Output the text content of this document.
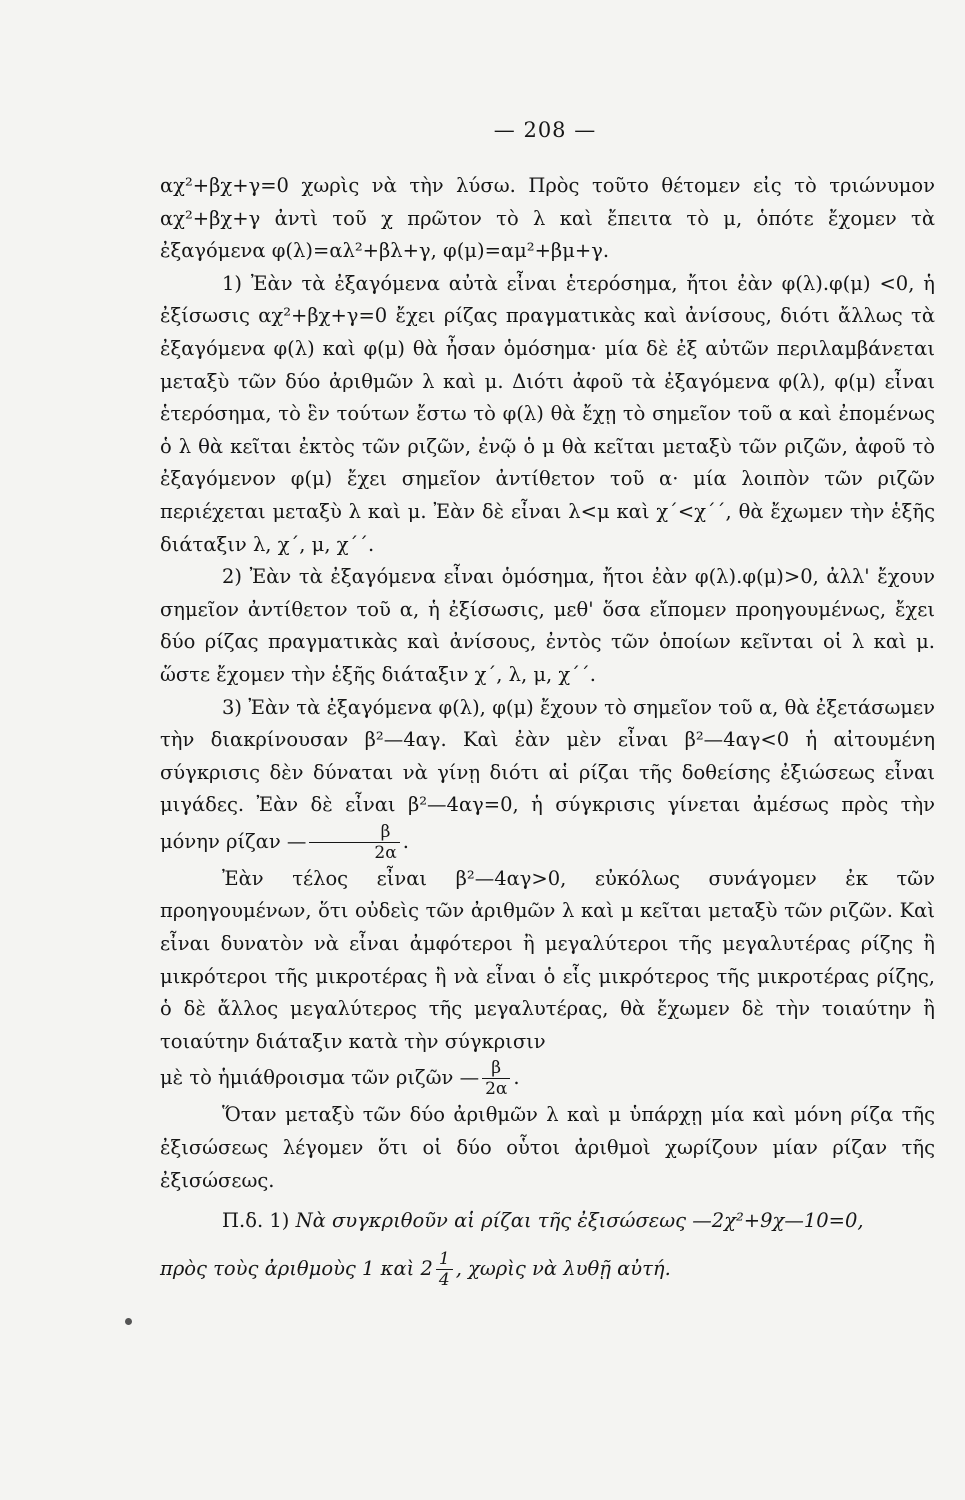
— 208 —

αχ²+βχ+γ=0 χωρὶς νὰ τὴν λύσω. Πρὸς τοῦτο θέτομεν εἰς τὸ τριώνυμον αχ²+βχ+γ ἀντὶ τοῦ χ πρῶτον τὸ λ καὶ ἔπειτα τὸ μ, ὁπότε ἔχομεν τὰ ἐξαγόμενα φ(λ)=αλ²+βλ+γ, φ(μ)=αμ²+βμ+γ.

1) Ἐὰν τὰ ἐξαγόμενα αὐτὰ εἶναι ἑτερόσημα, ἤτοι ἐὰν φ(λ).φ(μ) <0, ἡ ἐξίσωσις αχ²+βχ+γ=0 ἔχει ρίζας πραγματικὰς καὶ ἀνίσους, διότι ἄλλως τὰ ἐξαγόμενα φ(λ) καὶ φ(μ) θὰ ἦσαν ὁμόσημα· μία δὲ ἐξ αὐτῶν περιλαμβάνεται μεταξὺ τῶν δύο ἀριθμῶν λ καὶ μ. Διότι ἀφοῦ τὰ ἐξαγόμενα φ(λ), φ(μ) εἶναι ἑτερόσημα, τὸ ἓν τούτων ἔστω τὸ φ(λ) θὰ ἔχῃ τὸ σημεῖον τοῦ α καὶ ἐπομένως ὁ λ θὰ κεῖται ἐκτὸς τῶν ριζῶν, ἐνῷ ὁ μ θὰ κεῖται μεταξὺ τῶν ριζῶν, ἀφοῦ τὸ ἐξαγόμενον φ(μ) ἔχει σημεῖον ἀντίθετον τοῦ α· μία λοιπὸν τῶν ριζῶν περιέχεται μεταξὺ λ καὶ μ. Ἐὰν δὲ εἶναι λ<μ καὶ χ΄<χ΄΄, θὰ ἔχωμεν τὴν ἑξῆς διάταξιν λ, χ΄, μ, χ΄΄.

2) Ἐὰν τὰ ἐξαγόμενα εἶναι ὁμόσημα, ἤτοι ἐὰν φ(λ).φ(μ)>0, ἀλλ' ἔχουν σημεῖον ἀντίθετον τοῦ α, ἡ ἐξίσωσις, μεθ' ὅσα εἴπομεν προηγουμένως, ἔχει δύο ρίζας πραγματικὰς καὶ ἀνίσους, ἐντὸς τῶν ὁποίων κεῖνται οἱ λ καὶ μ. ὥστε ἔχομεν τὴν ἑξῆς διάταξιν χ΄, λ, μ, χ΄΄.

3) Ἐὰν τὰ ἐξαγόμενα φ(λ), φ(μ) ἔχουν τὸ σημεῖον τοῦ α, θὰ ἐξετάσωμεν τὴν διακρίνουσαν β²—4αγ. Καὶ ἐὰν μὲν εἶναι β²—4αγ<0 ἡ αἰτουμένη σύγκρισις δὲν δύναται νὰ γίνῃ διότι αἱ ρίζαι τῆς δοθείσης ἐξιώσεως εἶναι μιγάδες. Ἐὰν δὲ εἶναι β²—4αγ=0, ἡ σύγκρισις γίνεται ἀμέσως πρὸς τὴν μόνην ρίζαν — $\frac{\beta}{2\alpha}$ .

Ἐὰν τέλος εἶναι β²—4αγ>0, εὐκόλως συνάγομεν ἐκ τῶν προηγουμένων, ὅτι οὐδεὶς τῶν ἀριθμῶν λ καὶ μ κεῖται μεταξὺ τῶν ριζῶν. Καὶ εἶναι δυνατὸν νὰ εἶναι ἀμφότεροι ἢ μεγαλύτεροι τῆς μεγαλυτέρας ρίζης ἢ μικρότεροι τῆς μικροτέρας ἢ νὰ εἶναι ὁ εἷς μικρότερος τῆς μικροτέρας ρίζης, ὁ δὲ ἄλλος μεγαλύτερος τῆς μεγαλυτέρας, θὰ ἔχωμεν δὲ τὴν τοιαύτην ἢ τοιαύτην διάταξιν κατὰ τὴν σύγκρισιν

μὲ τὸ ἡμιάθροισμα τῶν ριζῶν — $\frac{\beta}{2\alpha}$ .

Ὅταν μεταξὺ τῶν δύο ἀριθμῶν λ καὶ μ ὑπάρχῃ μία καὶ μόνη ρίζα τῆς ἐξισώσεως λέγομεν ὅτι οἱ δύο οὗτοι ἀριθμοὶ χωρίζουν μίαν ρίζαν τῆς ἐξισώσεως.

Π.δ. 1) Νὰ συγκριθοῦν αἱ ρίζαι τῆς ἐξισώσεως —2χ²+9χ—10=0,

πρὸς τοὺς ἀριθμοὺς 1 καὶ $2 \frac{1}{4}$ , χωρὶς νὰ λυθῇ αὐτή.
